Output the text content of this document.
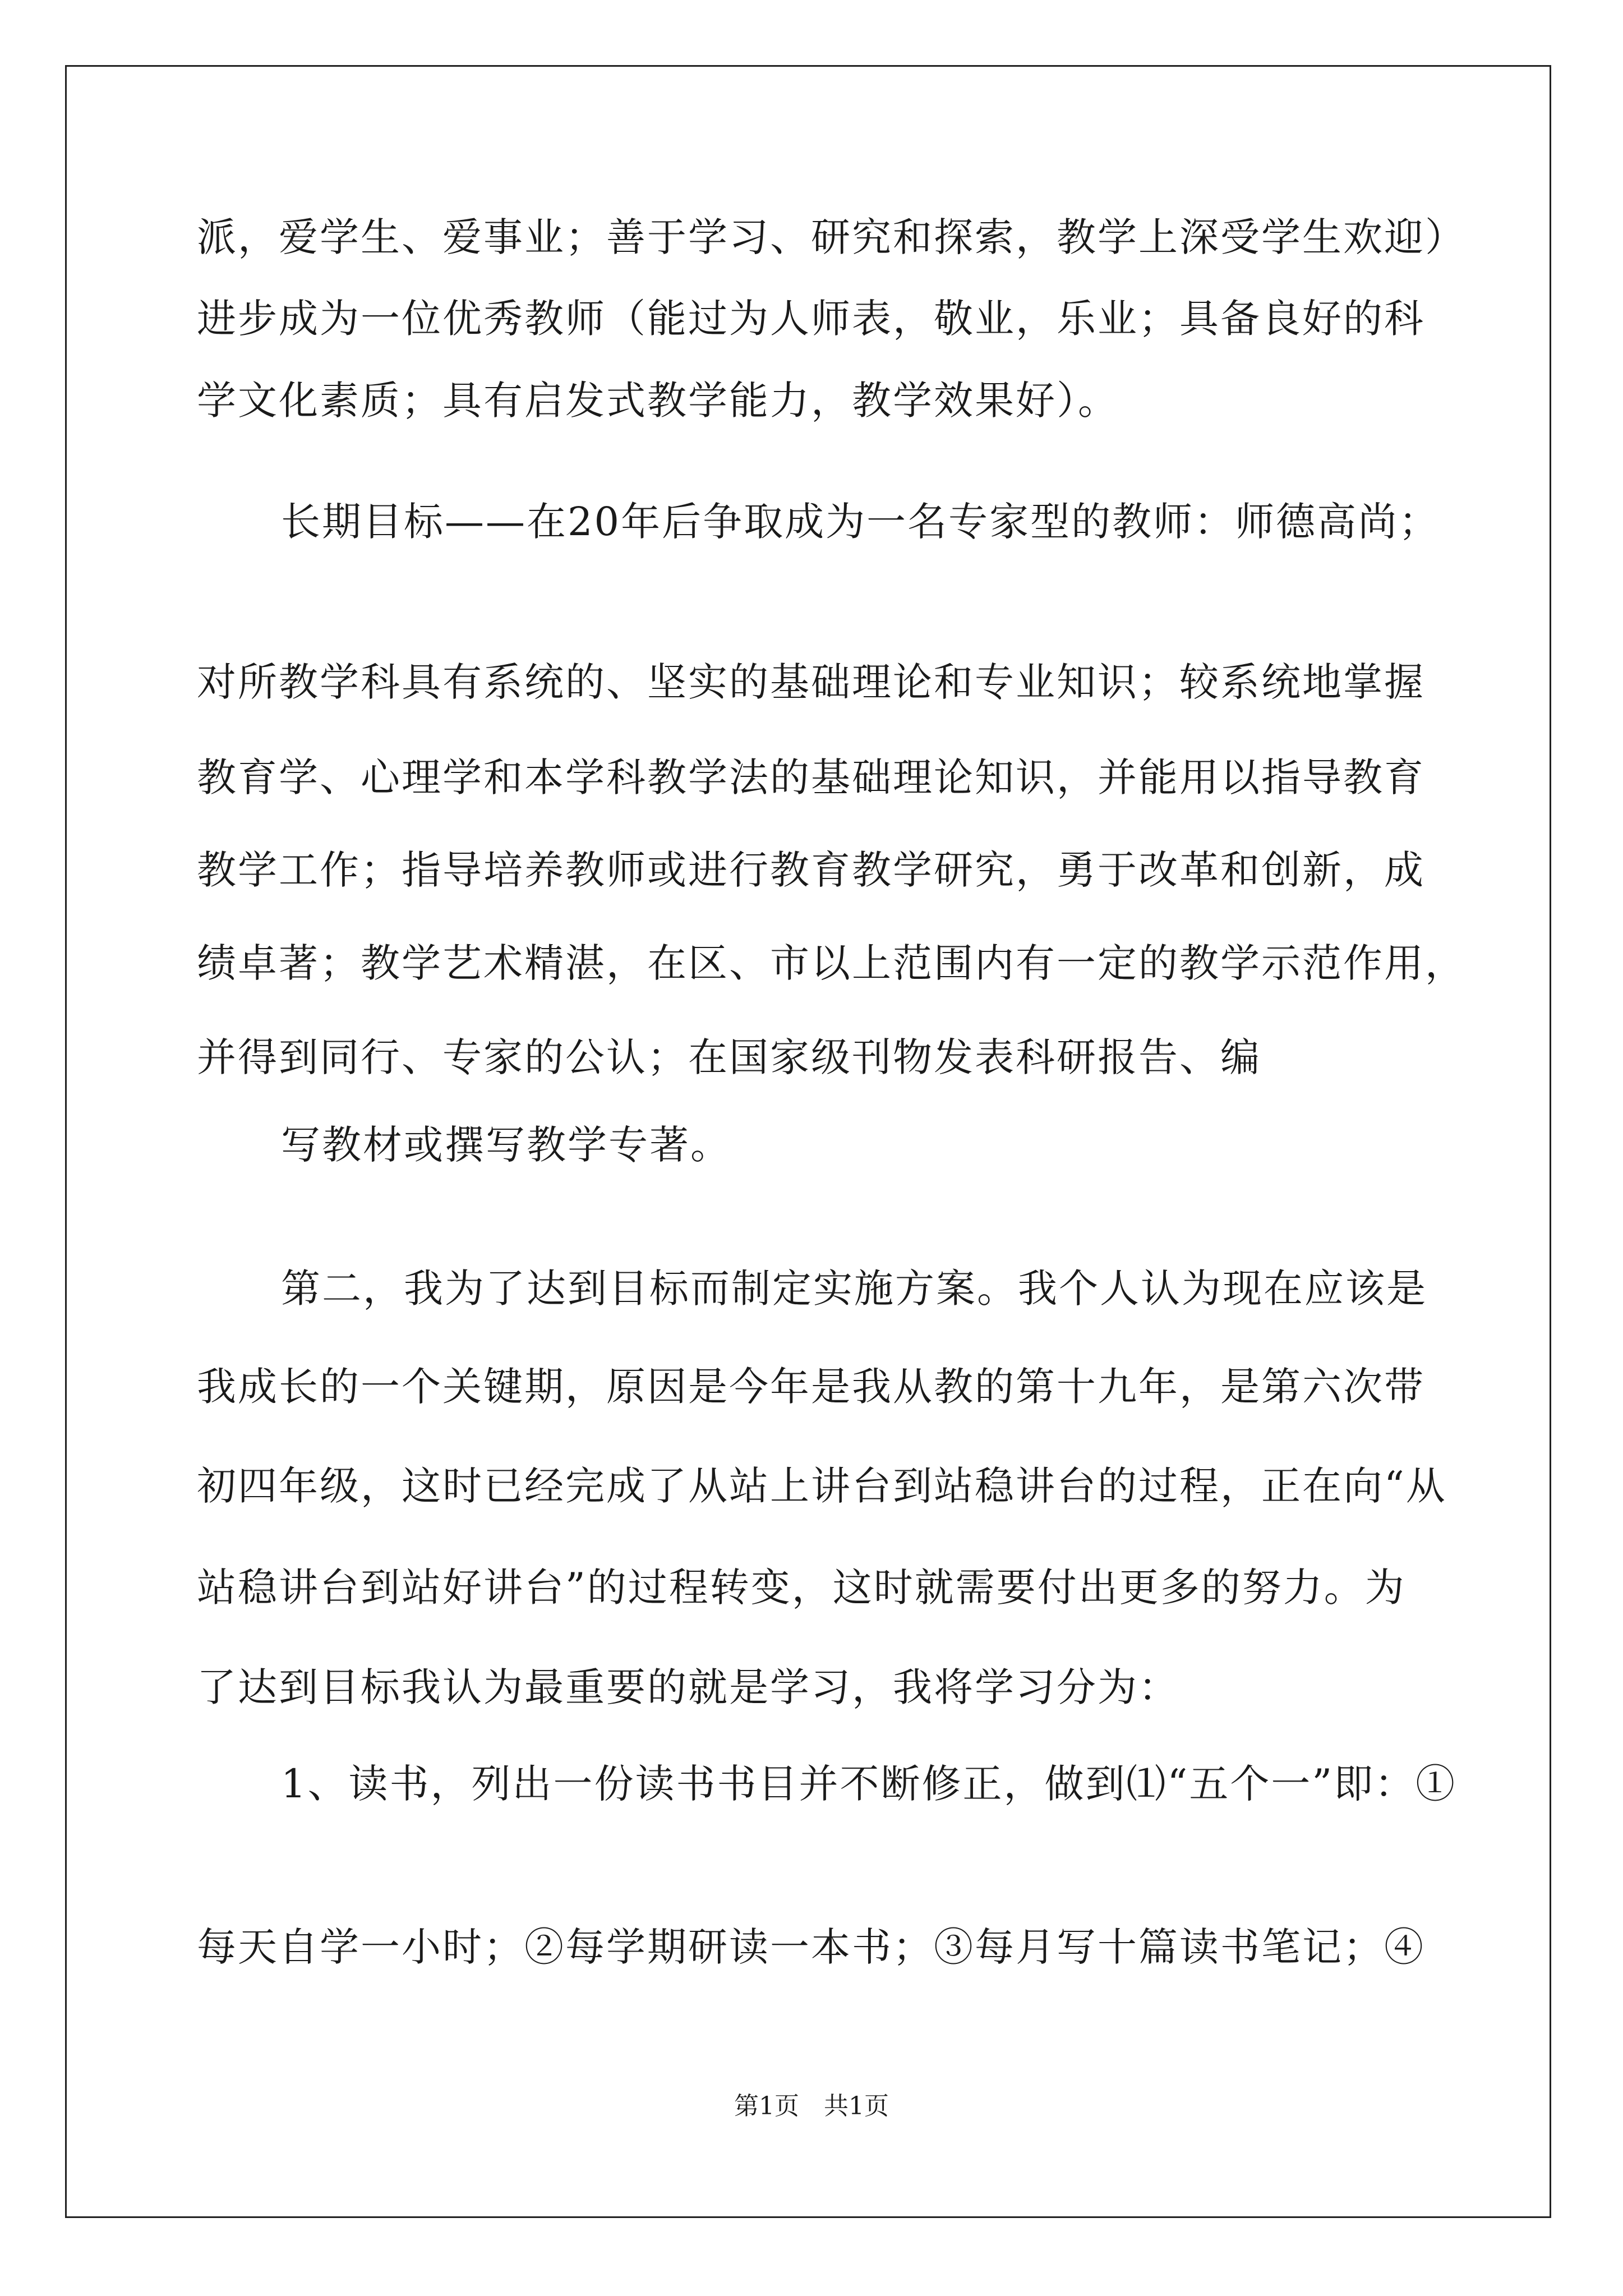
派，爱学生、爱事业；善于学习、研究和探索，教学上深受学生欢迎）
进步成为一位优秀教师（能过为人师表，敬业，乐业；具备良好的科
学文化素质；具有启发式教学能力，教学效果好）。
长期目标——在20年后争取成为一名专家型的教师：师德高尚；
对所教学科具有系统的、坚实的基础理论和专业知识；较系统地掌握
教育学、心理学和本学科教学法的基础理论知识，并能用以指导教育
教学工作；指导培养教师或进行教育教学研究，勇于改革和创新，成
绩卓著；教学艺术精湛，在区、市以上范围内有一定的教学示范作用，
并得到同行、专家的公认；在国家级刊物发表科研报告、编
写教材或撰写教学专著。
第二，我为了达到目标而制定实施方案。我个人认为现在应该是
我成长的一个关键期，原因是今年是我从教的第十九年，是第六次带
初四年级，这时已经完成了从站上讲台到站稳讲台的过程，正在向“从
站稳讲台到站好讲台”的过程转变，这时就需要付出更多的努力。为
了达到目标我认为最重要的就是学习，我将学习分为：
1、读书，列出一份读书书目并不断修正，做到⑴“五个一”即：①
每天自学一小时；②每学期研读一本书；③每月写十篇读书笔记；④
第1页　共1页
